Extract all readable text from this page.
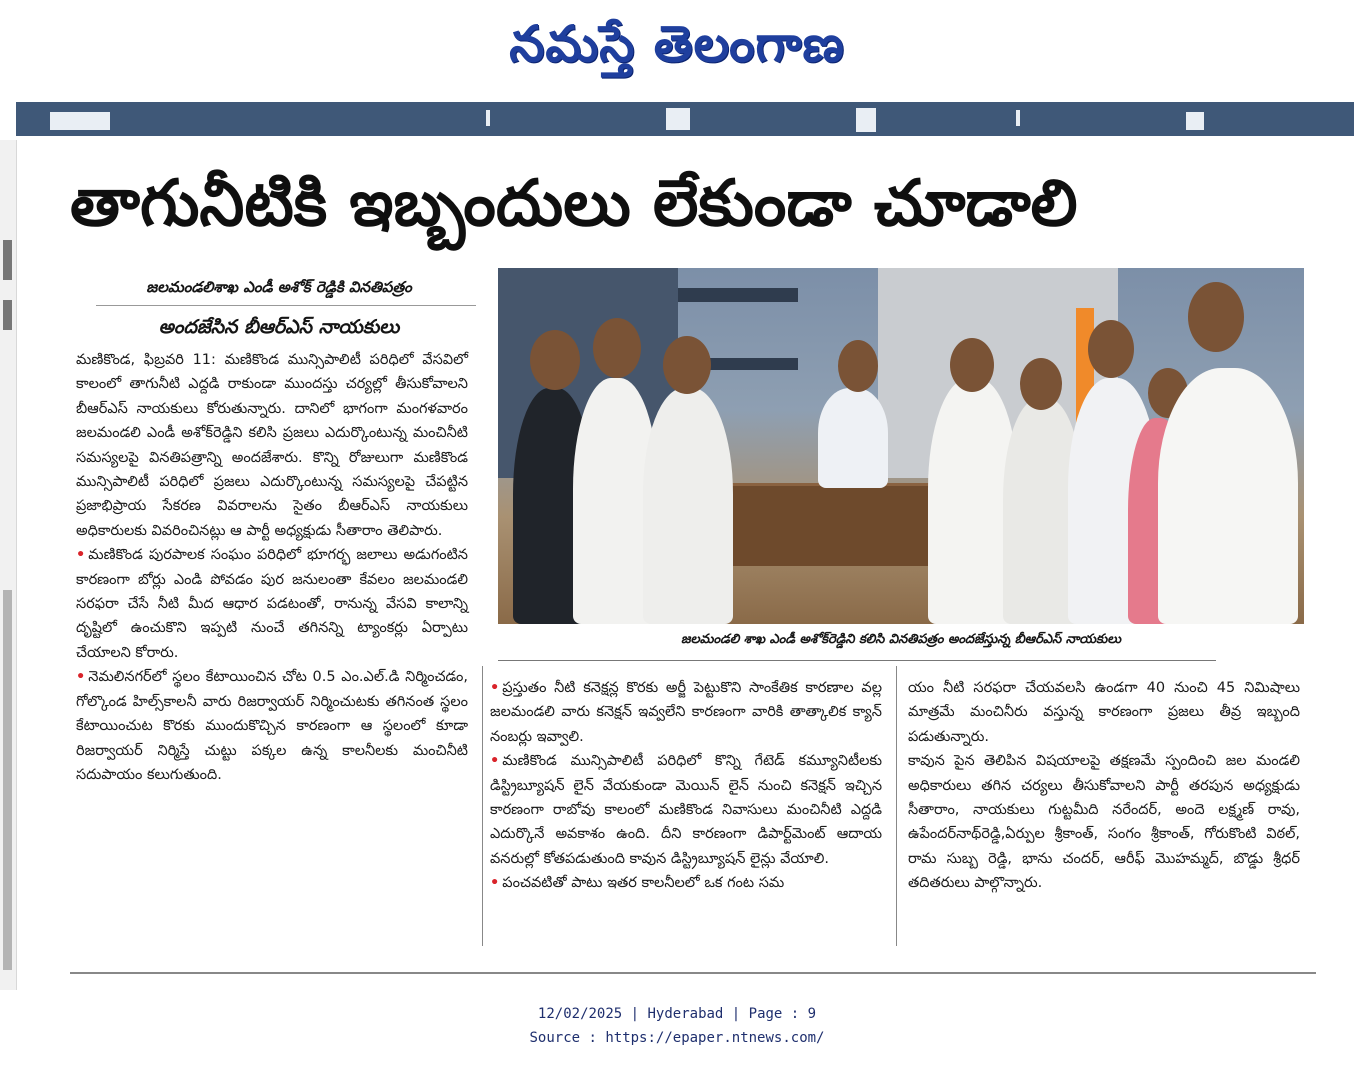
నమస్తే తెలంగాణ
తాగునీటికి ఇబ్బందులు లేకుండా చూడాలి
జలమండలిశాఖ ఎండీ అశోక్ రెడ్డికి వినతిపత్రం
అందజేసిన బీఆర్ఎస్ నాయకులు

మణికొండ, ఫిబ్రవరి 11: మణికొండ మున్సిపాలిటీ పరిధిలో వేసవిలో కాలంలో తాగునీటి ఎద్దడి రాకుండా ముందస్తు చర్యల్లో తీసుకోవాలని బీఆర్ఎస్ నాయకులు కోరుతున్నారు. దానిలో భాగంగా మంగళవారం జలమండలి ఎండీ అశోక్‌రెడ్డిని కలిసి ప్రజలు ఎదుర్కొంటున్న మంచినీటి సమస్యలపై వినతిపత్రాన్ని అందజేశారు. కొన్ని రోజులుగా మణికొండ మున్సిపాలిటీ పరిధిలో ప్రజలు ఎదుర్కొంటున్న సమస్యలపై చేపట్టిన ప్రజాభిప్రాయ సేకరణ వివరాలను సైతం బీఆర్ఎస్ నాయకులు అధికారులకు వివరించినట్లు ఆ పార్టీ అధ్యక్షుడు సీతారాం తెలిపారు.

• మణికొండ పురపాలక సంఘం పరిధిలో భూగర్భ జలాలు అడుగంటిన కారణంగా బోర్లు ఎండి పోవడం పుర జనులంతా కేవలం జలమండలి సరఫరా చేసే నీటి మీద ఆధార పడటంతో, రానున్న వేసవి కాలాన్ని దృష్టిలో ఉంచుకొని ఇప్పటి నుంచే తగినన్ని ట్యాంకర్లు ఏర్పాటు చేయాలని కోరారు.

• నెమలినగర్‌లో స్థలం కేటాయించిన చోట 0.5 ఎం.ఎల్.డి నిర్మించడం, గోల్కొండ హిల్స్‌కాలనీ వారు రిజర్వాయర్ నిర్మించుటకు తగినంత స్థలం కేటాయించుట కొరకు ముందుకొచ్చిన కారణంగా ఆ స్థలంలో కూడా రిజర్వాయర్ నిర్మిస్తే చుట్టు పక్కల ఉన్న కాలనీలకు మంచినీటి సదుపాయం కలుగుతుంది.

జలమండలి శాఖ ఎండీ అశోక్‌రెడ్డిని కలిసి వినతిపత్రం అందజేస్తున్న బీఆర్ఎస్ నాయకులు

• ప్రస్తుతం నీటి కనెక్షన్ల కొరకు అర్జీ పెట్టుకొని సాంకేతిక కారణాల వల్ల జలమండలి వారు కనెక్షన్ ఇవ్వలేని కారణంగా వారికి తాత్కాలిక క్యాన్ నంబర్లు ఇవ్వాలి.

• మణికొండ మున్సిపాలిటీ పరిధిలో కొన్ని గేటెడ్ కమ్యూనిటీలకు డిస్ట్రిబ్యూషన్ లైన్ వేయకుండా మెయిన్ లైన్ నుంచి కనెక్షన్ ఇచ్చిన కారణంగా రాబోవు కాలంలో మణికొండ నివాసులు మంచినీటి ఎద్దడి ఎదుర్కొనే అవకాశం ఉంది. దీని కారణంగా డిపార్ట్‌మెంట్ ఆదాయ వనరుల్లో కోతపడుతుంది కావున డిస్ట్రిబ్యూషన్ లైన్లు వేయాలి.

• పంచవటితో పాటు ఇతర కాలనీలలో ఒక గంట సమ

యం నీటి సరఫరా చేయవలసి ఉండగా 40 నుంచి 45 నిమిషాలు మాత్రమే మంచినీరు వస్తున్న కారణంగా ప్రజలు తీవ్ర ఇబ్బంది పడుతున్నారు.

కావున పైన తెలిపిన విషయాలపై తక్షణమే స్పందించి జల మండలి అధికారులు తగిన చర్యలు తీసుకోవాలని పార్టీ తరపున అధ్యక్షుడు సీతారాం, నాయకులు గుట్టమీది నరేందర్, అందె లక్ష్మణ్ రావు, ఉపేందర్‌నాథ్‌రెడ్డి,ఏర్పుల శ్రీకాంత్, సంగం శ్రీకాంత్, గోరుకొంటి విఠల్, రామ సుబ్బ రెడ్డి, భాను చందర్, ఆరీఫ్ మొహమ్మద్, బొడ్డు శ్రీధర్ తదితరులు పాల్గొన్నారు.

12/02/2025 | Hyderabad | Page : 9
Source : https://epaper.ntnews.com/
